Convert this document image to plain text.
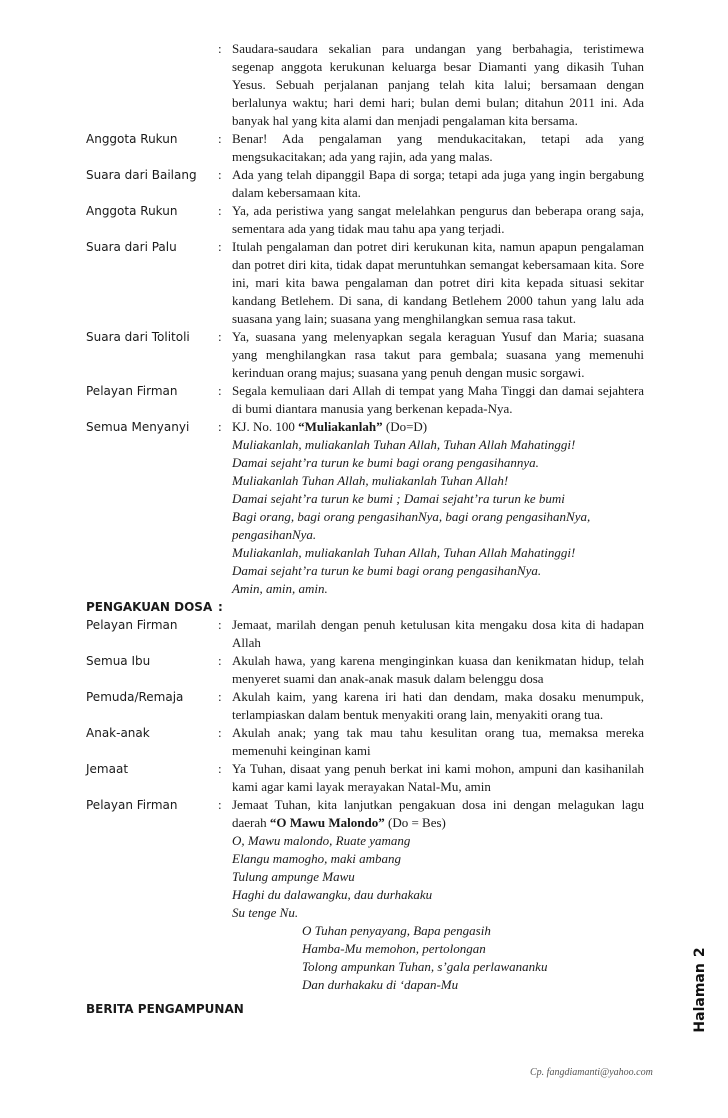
: Saudara-saudara sekalian para undangan yang berbahagia, teristimewa segenap anggota kerukunan keluarga besar Diamanti yang dikasih Tuhan Yesus. Sebuah perjalanan panjang telah kita lalui; bersamaan dengan berlalunya waktu; hari demi hari; bulan demi bulan; ditahun 2011 ini. Ada banyak hal yang kita alami dan menjadi pengalaman kita bersama.
Anggota Rukun	: Benar! Ada pengalaman yang mendukacitakan, tetapi ada yang mengsukacitakan; ada yang rajin, ada yang malas.
Suara dari Bailang	: Ada yang telah dipanggil Bapa di sorga; tetapi ada juga yang ingin bergabung dalam kebersamaan kita.
Anggota Rukun	: Ya, ada peristiwa yang sangat melelahkan pengurus dan beberapa orang saja, sementara ada yang tidak mau tahu apa yang terjadi.
Suara dari Palu	: Itulah pengalaman dan potret diri kerukunan kita, namun apapun pengalaman dan potret diri kita, tidak dapat meruntuhkan semangat kebersamaan kita. Sore ini, mari kita bawa pengalaman dan potret diri kita kepada situasi sekitar kandang Betlehem. Di sana, di kandang Betlehem 2000 tahun yang lalu ada suasana yang lain; suasana yang menghilangkan semua rasa takut.
Suara dari Tolitoli	: Ya, suasana yang melenyapkan segala keraguan Yusuf dan Maria; suasana yang menghilangkan rasa takut para gembala; suasana yang memenuhi kerinduan orang majus; suasana yang penuh dengan music sorgawi.
Pelayan Firman	: Segala kemuliaan dari Allah di tempat yang Maha Tinggi dan damai sejahtera di bumi diantara manusia yang berkenan kepada-Nya.
Semua Menyanyi	: KJ. No. 100 “Muliakanlah” (Do=D)
Muliakanlah, muliakanlah Tuhan Allah, Tuhan Allah Mahatinggi!
Damai sejaht’ra turun ke bumi bagi orang pengasihannya.
Muliakanlah Tuhan Allah, muliakanlah Tuhan Allah!
Damai sejaht’ra turun ke bumi ; Damai sejaht’ra turun ke bumi
Bagi orang, bagi orang pengasihanNya, bagi orang pengasihanNya,
pengasihanNya.
Muliakanlah, muliakanlah Tuhan Allah, Tuhan Allah Mahatinggi!
Damai sejaht’ra turun ke bumi bagi orang pengasihanNya.
Amin, amin, amin.
PENGAKUAN DOSA :
Pelayan Firman	: Jemaat, marilah dengan penuh ketulusan kita mengaku dosa kita di hadapan Allah
Semua Ibu	: Akulah hawa, yang karena menginginkan kuasa dan kenikmatan hidup, telah menyeret suami dan anak-anak masuk dalam belenggu dosa
Pemuda/Remaja	: Akulah kaim, yang karena iri hati dan dendam, maka dosaku menumpuk, terlampiaskan dalam bentuk menyakiti orang lain, menyakiti orang tua.
Anak-anak	: Akulah anak; yang tak mau tahu kesulitan orang tua, memaksa mereka memenuhi keinginan kami
Jemaat	: Ya Tuhan, disaat yang penuh berkat ini kami mohon, ampuni dan kasihanilah kami agar kami layak merayakan Natal-Mu, amin
Pelayan Firman	: Jemaat Tuhan, kita lanjutkan pengakuan dosa ini dengan melagukan lagu daerah “O Mawu Malondo” (Do = Bes)
O, Mawu malondo, Ruate yamang
Elangu mamogho, maki ambang
Tulung ampunge Mawu
Haghi du dalawangku, dau durhakaku
Su tenge Nu.
O Tuhan penyayang, Bapa pengasih
Hamba-Mu memohon, pertolongan
Tolong ampunkan Tuhan, s’gala perlawananku
Dan durhakaku di ‘dapan-Mu
BERITA PENGAMPUNAN
Cp. fangdiamanti@yahoo.com
Halaman
2
